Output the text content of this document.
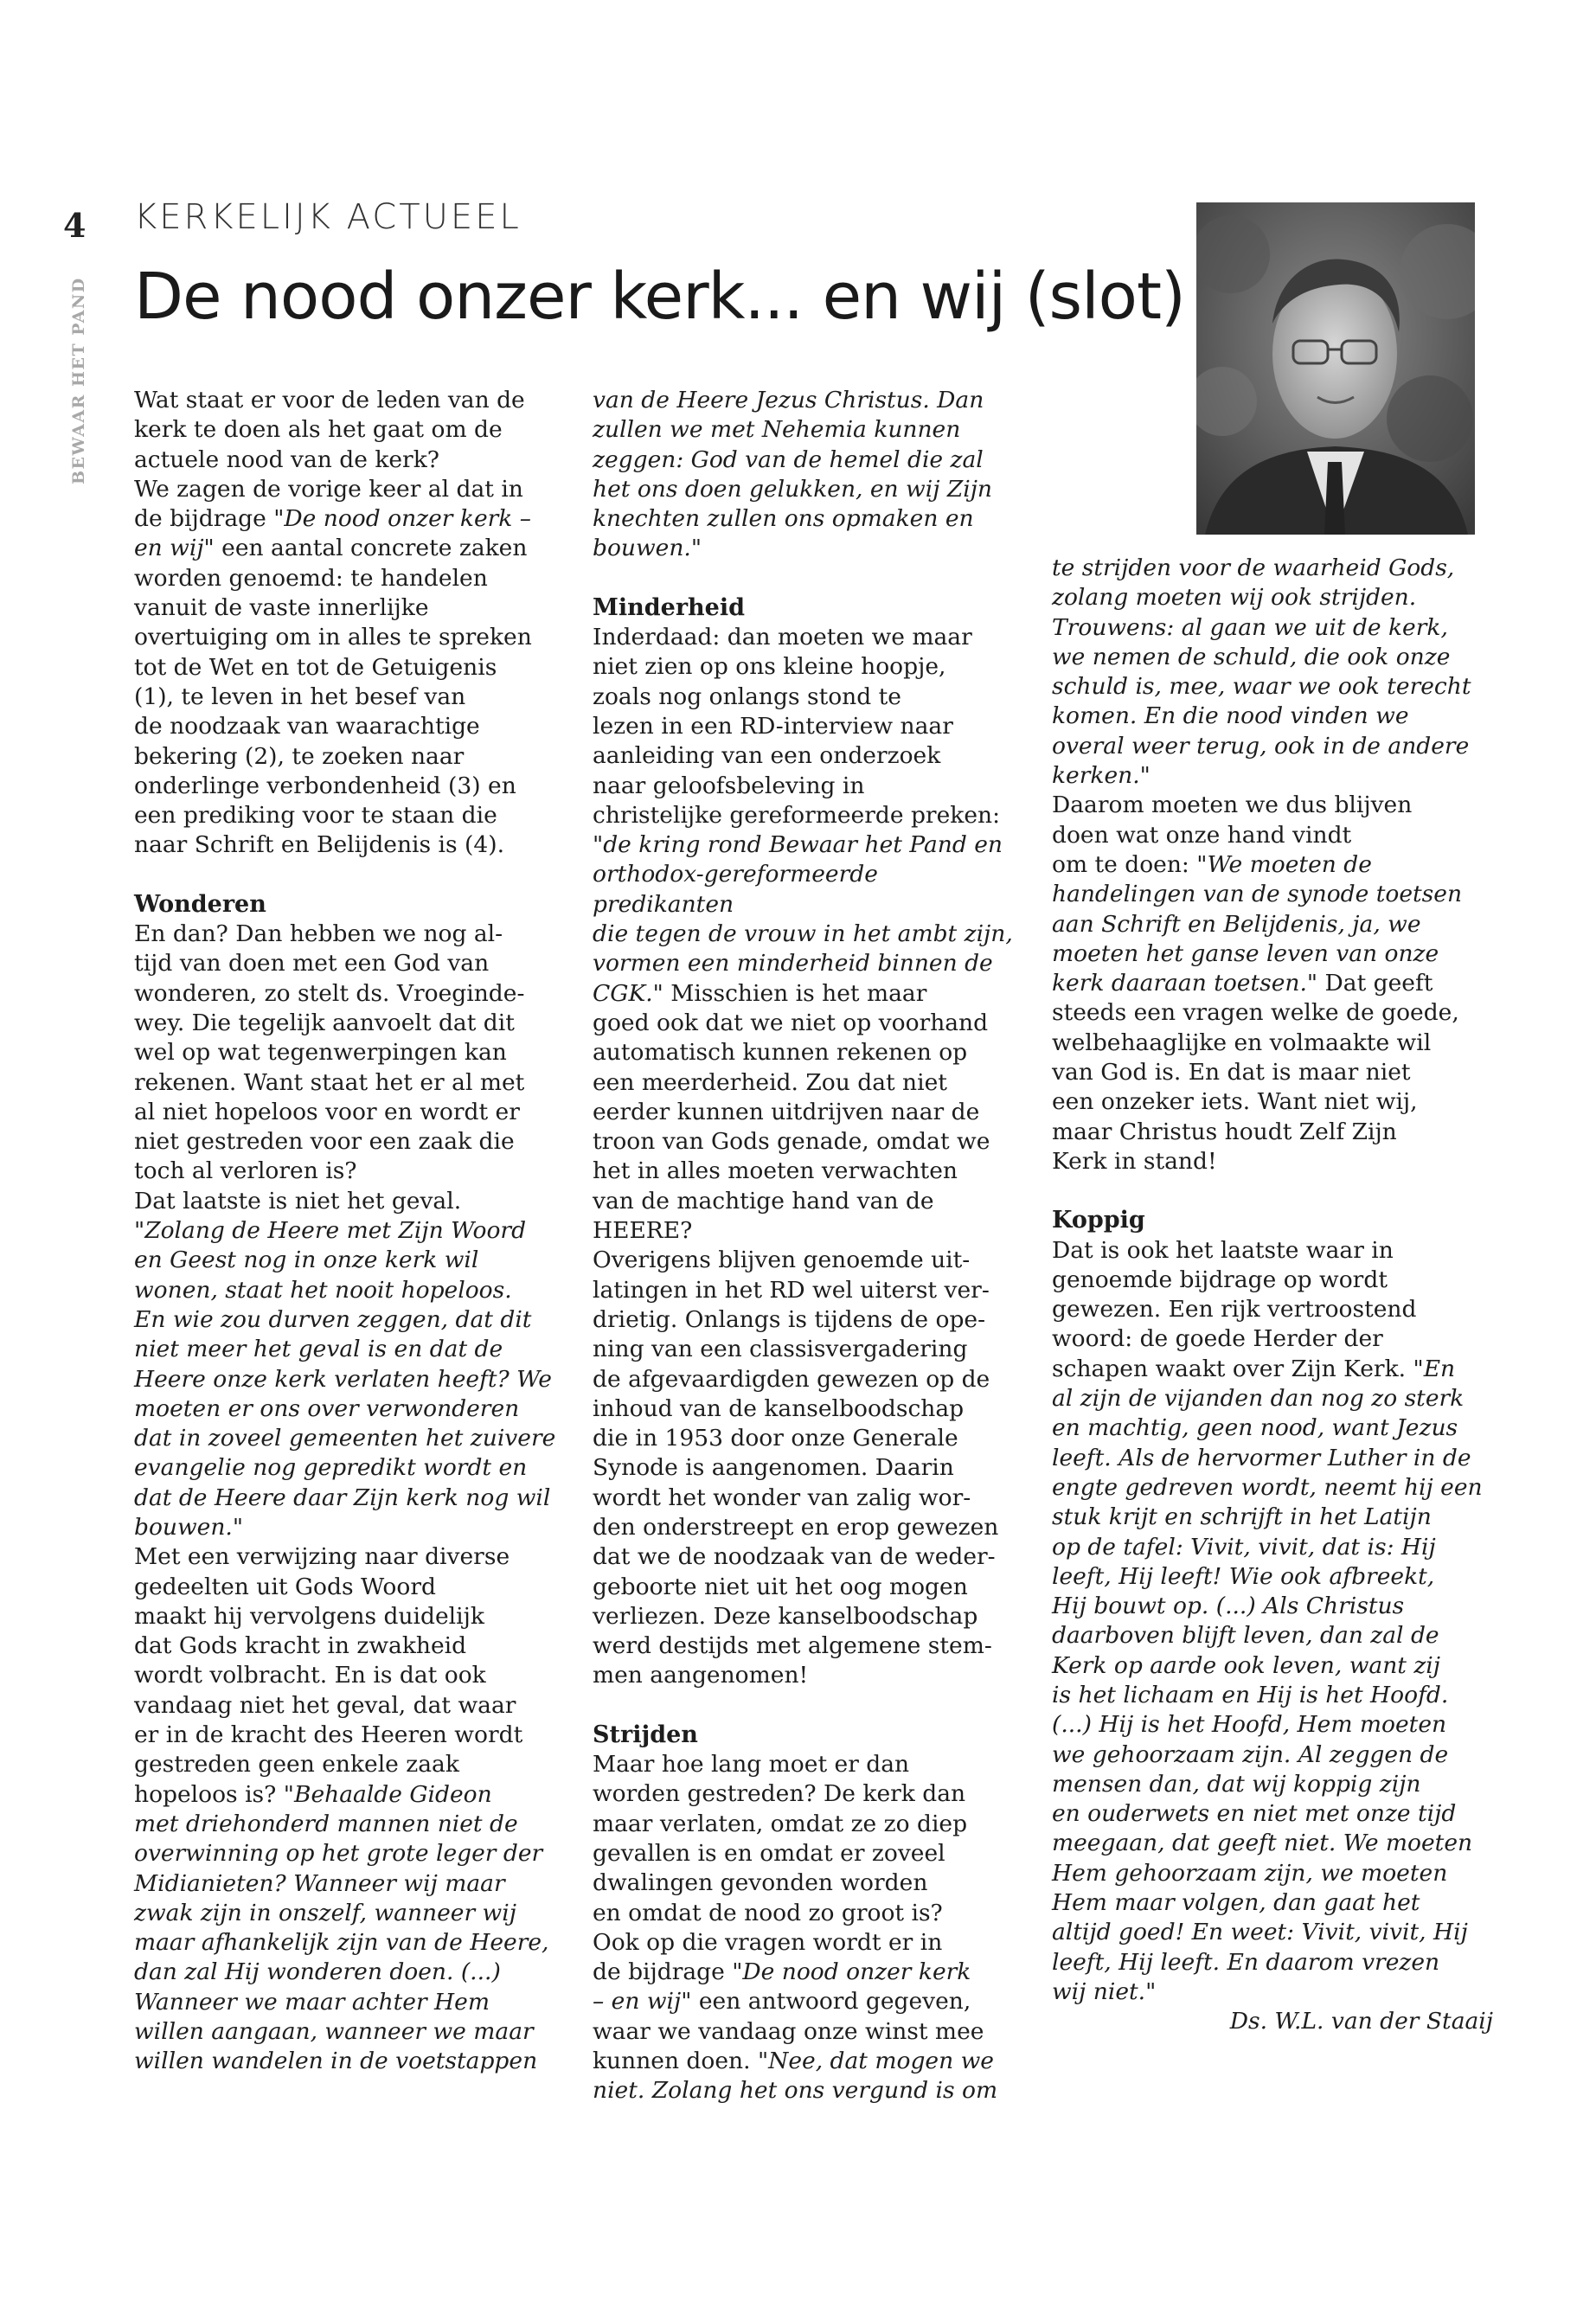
4
BEWAAR HET PAND
KERKELIJK ACTUEEL
De nood onzer kerk... en wij (slot)

Wat staat er voor de leden van de
kerk te doen als het gaat om de
actuele nood van de kerk?
We zagen de vorige keer al dat in
de bijdrage "De nood onzer kerk –
en wij" een aantal concrete zaken
worden genoemd: te handelen
vanuit de vaste innerlijke
overtuiging om in alles te spreken
tot de Wet en tot de Getuigenis
(1), te leven in het besef van
de noodzaak van waarachtige
bekering (2), te zoeken naar
onderlinge verbondenheid (3) en
een prediking voor te staan die
naar Schrift en Belijdenis is (4).

Wonderen

En dan? Dan hebben we nog al-
tijd van doen met een God van
wonderen, zo stelt ds. Vroeginde-
wey. Die tegelijk aanvoelt dat dit
wel op wat tegenwerpingen kan
rekenen. Want staat het er al met
al niet hopeloos voor en wordt er
niet gestreden voor een zaak die
toch al verloren is?
Dat laatste is niet het geval.
"Zolang de Heere met Zijn Woord
en Geest nog in onze kerk wil
wonen, staat het nooit hopeloos.
En wie zou durven zeggen, dat dit
niet meer het geval is en dat de
Heere onze kerk verlaten heeft? We
moeten er ons over verwonderen
dat in zoveel gemeenten het zuivere
evangelie nog gepredikt wordt en
dat de Heere daar Zijn kerk nog wil
bouwen."

Met een verwijzing naar diverse
gedeelten uit Gods Woord
maakt hij vervolgens duidelijk
dat Gods kracht in zwakheid
wordt volbracht. En is dat ook
vandaag niet het geval, dat waar
er in de kracht des Heeren wordt
gestreden geen enkele zaak
hopeloos is? "Behaalde Gideon
met driehonderd mannen niet de
overwinning op het grote leger der
Midianieten? Wanneer wij maar
zwak zijn in onszelf, wanneer wij
maar afhankelijk zijn van de Heere,
dan zal Hij wonderen doen. (...)
Wanneer we maar achter Hem
willen aangaan, wanneer we maar
willen wandelen in de voetstappen

van de Heere Jezus Christus. Dan
zullen we met Nehemia kunnen
zeggen: God van de hemel die zal
het ons doen gelukken, en wij Zijn
knechten zullen ons opmaken en
bouwen."

Minderheid

Inderdaad: dan moeten we maar
niet zien op ons kleine hoopje,
zoals nog onlangs stond te
lezen in een RD-interview naar
aanleiding van een onderzoek
naar geloofsbeleving in
christelijke gereformeerde preken:
"de kring rond Bewaar het Pand en
orthodox-gereformeerde predikanten
die tegen de vrouw in het ambt zijn,
vormen een minderheid binnen de
CGK." Misschien is het maar
goed ook dat we niet op voorhand
automatisch kunnen rekenen op
een meerderheid. Zou dat niet
eerder kunnen uitdrijven naar de
troon van Gods genade, omdat we
het in alles moeten verwachten
van de machtige hand van de
HEERE?
Overigens blijven genoemde uit-
latingen in het RD wel uiterst ver-
drietig. Onlangs is tijdens de ope-
ning van een classisvergadering
de afgevaardigden gewezen op de
inhoud van de kanselboodschap
die in 1953 door onze Generale
Synode is aangenomen. Daarin
wordt het wonder van zalig wor-
den onderstreept en erop gewezen
dat we de noodzaak van de weder-
geboorte niet uit het oog mogen
verliezen. Deze kanselboodschap
werd destijds met algemene stem-
men aangenomen!

Strijden

Maar hoe lang moet er dan
worden gestreden? De kerk dan
maar verlaten, omdat ze zo diep
gevallen is en omdat er zoveel
dwalingen gevonden worden
en omdat de nood zo groot is?
Ook op die vragen wordt er in
de bijdrage "De nood onzer kerk
– en wij" een antwoord gegeven,
waar we vandaag onze winst mee
kunnen doen. "Nee, dat mogen we
niet. Zolang het ons vergund is om

te strijden voor de waarheid Gods,
zolang moeten wij ook strijden.
Trouwens: al gaan we uit de kerk,
we nemen de schuld, die ook onze
schuld is, mee, waar we ook terecht
komen. En die nood vinden we
overal weer terug, ook in de andere
kerken."

Daarom moeten we dus blijven
doen wat onze hand vindt
om te doen: "We moeten de
handelingen van de synode toetsen
aan Schrift en Belijdenis, ja, we
moeten het ganse leven van onze
kerk daaraan toetsen." Dat geeft
steeds een vragen welke de goede,
welbehaaglijke en volmaakte wil
van God is. En dat is maar niet
een onzeker iets. Want niet wij,
maar Christus houdt Zelf Zijn
Kerk in stand!

Koppig

Dat is ook het laatste waar in
genoemde bijdrage op wordt
gewezen. Een rijk vertroostend
woord: de goede Herder der
schapen waakt over Zijn Kerk. "En
al zijn de vijanden dan nog zo sterk
en machtig, geen nood, want Jezus
leeft. Als de hervormer Luther in de
engte gedreven wordt, neemt hij een
stuk krijt en schrijft in het Latijn
op de tafel: Vivit, vivit, dat is: Hij
leeft, Hij leeft! Wie ook afbreekt,
Hij bouwt op. (...) Als Christus
daarboven blijft leven, dan zal de
Kerk op aarde ook leven, want zij
is het lichaam en Hij is het Hoofd.
(...) Hij is het Hoofd, Hem moeten
we gehoorzaam zijn. Al zeggen de
mensen dan, dat wij koppig zijn
en ouderwets en niet met onze tijd
meegaan, dat geeft niet. We moeten
Hem gehoorzaam zijn, we moeten
Hem maar volgen, dan gaat het
altijd goed! En weet: Vivit, vivit, Hij
leeft, Hij leeft. En daarom vrezen
wij niet."

Ds. W.L. van der Staaij
